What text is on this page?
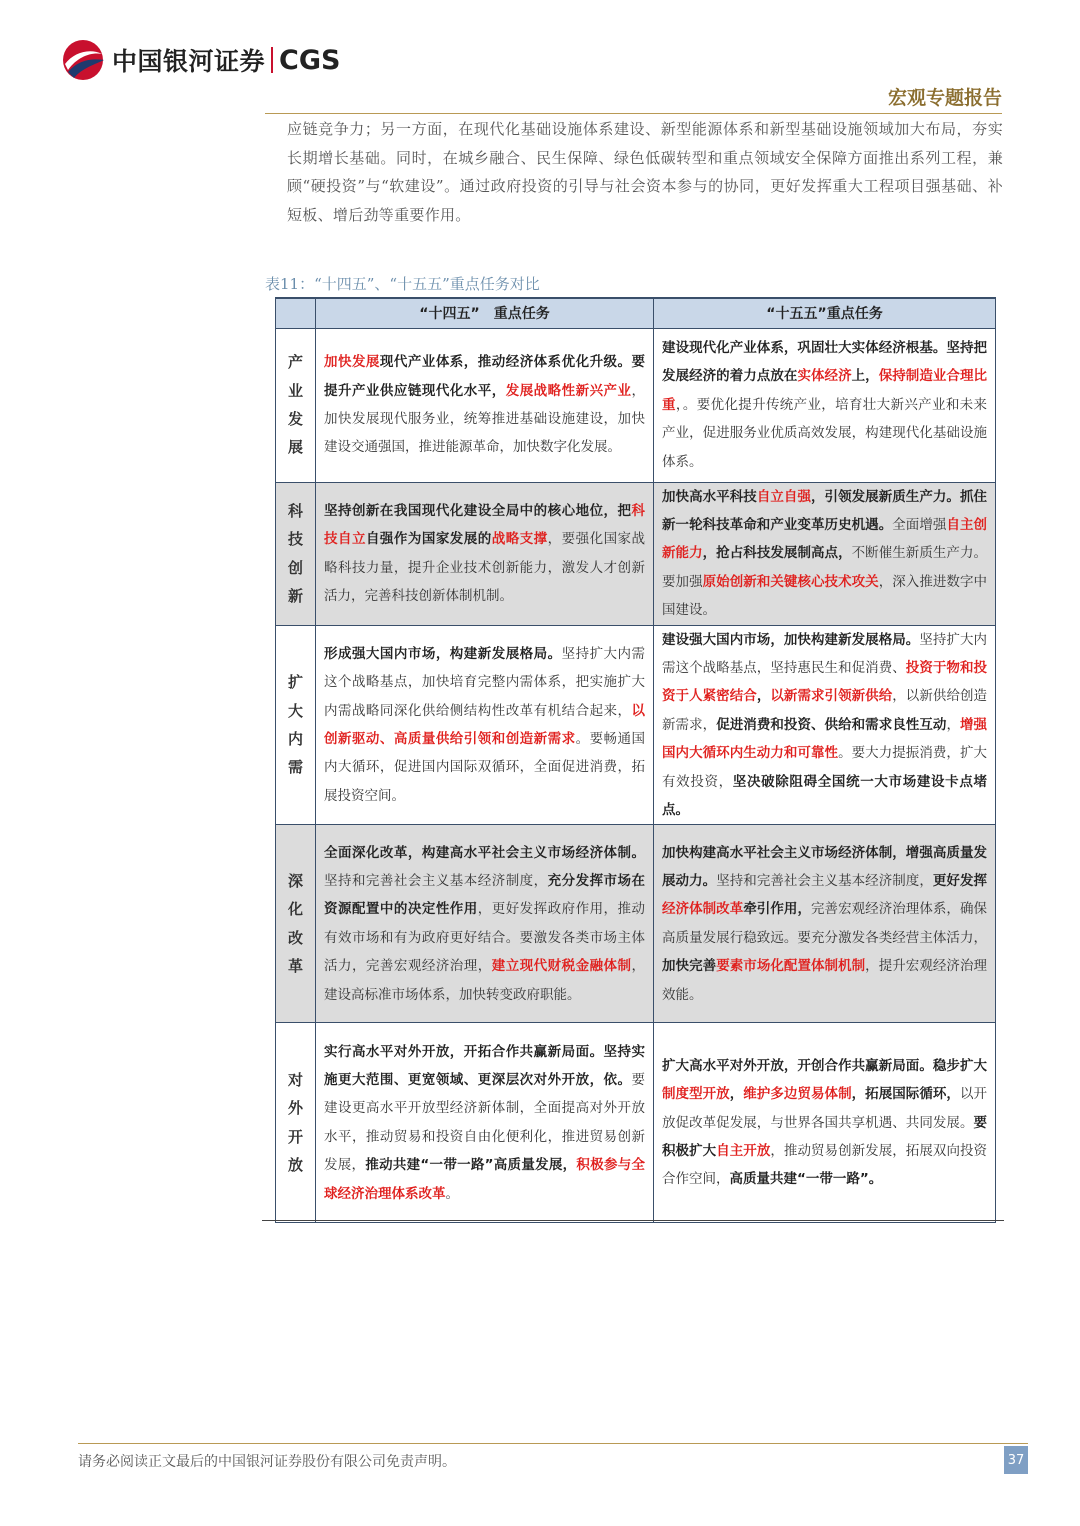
中国银河证券 CGS
宏观专题报告

应链竞争力；另一方面，在现代化基础设施体系建设、新型能源体系和新型基础设施领域加大布局，夯实长期增长基础。同时，在城乡融合、民生保障、绿色低碳转型和重点领域安全保障方面推出系列工程，兼顾“硬投资”与“软建设”。通过政府投资的引导与社会资本参与的协同，更好发挥重大工程项目强基础、补短板、增后劲等重要作用。

表11：“十四五”、“十五五”重点任务对比
	“十四五”　重点任务	“十五五”重点任务

产
业
发
展	加快发展现代产业体系，推动经济体系优化升级。要提升产业供应链现代化水平，发展战略性新兴产业，加快发展现代服务业，统筹推进基础设施建设，加快建设交通强国，推进能源革命，加快数字化发展。	建设现代化产业体系，巩固壮大实体经济根基。坚持把发展经济的着力点放在实体经济上，保持制造业合理比重，。要优化提升传统产业，培育壮大新兴产业和未来产业，促进服务业优质高效发展，构建现代化基础设施体系。

科
技
创
新	坚持创新在我国现代化建设全局中的核心地位，把科技自立自强作为国家发展的战略支撑，要强化国家战略科技力量，提升企业技术创新能力，激发人才创新活力，完善科技创新体制机制。	加快高水平科技自立自强，引领发展新质生产力。抓住新一轮科技革命和产业变革历史机遇。全面增强自主创新能力，抢占科技发展制高点，不断催生新质生产力。要加强原始创新和关键核心技术攻关，深入推进数字中国建设。

扩
大
内
需	形成强大国内市场，构建新发展格局。坚持扩大内需这个战略基点，加快培育完整内需体系，把实施扩大内需战略同深化供给侧结构性改革有机结合起来，以创新驱动、高质量供给引领和创造新需求。要畅通国内大循环，促进国内国际双循环，全面促进消费，拓展投资空间。	建设强大国内市场，加快构建新发展格局。坚持扩大内需这个战略基点，坚持惠民生和促消费、投资于物和投资于人紧密结合，以新需求引领新供给，以新供给创造新需求，促进消费和投资、供给和需求良性互动，增强国内大循环内生动力和可靠性。要大力提振消费，扩大有效投资，坚决破除阻碍全国统一大市场建设卡点堵点。

深
化
改
革	全面深化改革，构建高水平社会主义市场经济体制。坚持和完善社会主义基本经济制度，充分发挥市场在资源配置中的决定性作用，更好发挥政府作用，推动有效市场和有为政府更好结合。要激发各类市场主体活力，完善宏观经济治理，建立现代财税金融体制，建设高标准市场体系，加快转变政府职能。	加快构建高水平社会主义市场经济体制，增强高质量发展动力。坚持和完善社会主义基本经济制度，更好发挥经济体制改革牵引作用，完善宏观经济治理体系，确保高质量发展行稳致远。要充分激发各类经营主体活力，加快完善要素市场化配置体制机制，提升宏观经济治理效能。

对
外
开
放	实行高水平对外开放，开拓合作共赢新局面。坚持实施更大范围、更宽领域、更深层次对外开放，依。要建设更高水平开放型经济新体制，全面提高对外开放水平，推动贸易和投资自由化便利化，推进贸易创新发展，推动共建“一带一路”高质量发展，积极参与全球经济治理体系改革。	扩大高水平对外开放，开创合作共赢新局面。稳步扩大制度型开放，维护多边贸易体制，拓展国际循环，以开放促改革促发展，与世界各国共享机遇、共同发展。要积极扩大自主开放，推动贸易创新发展，拓展双向投资合作空间，高质量共建“一带一路”。
请务必阅读正文最后的中国银河证券股份有限公司免责声明。	37
